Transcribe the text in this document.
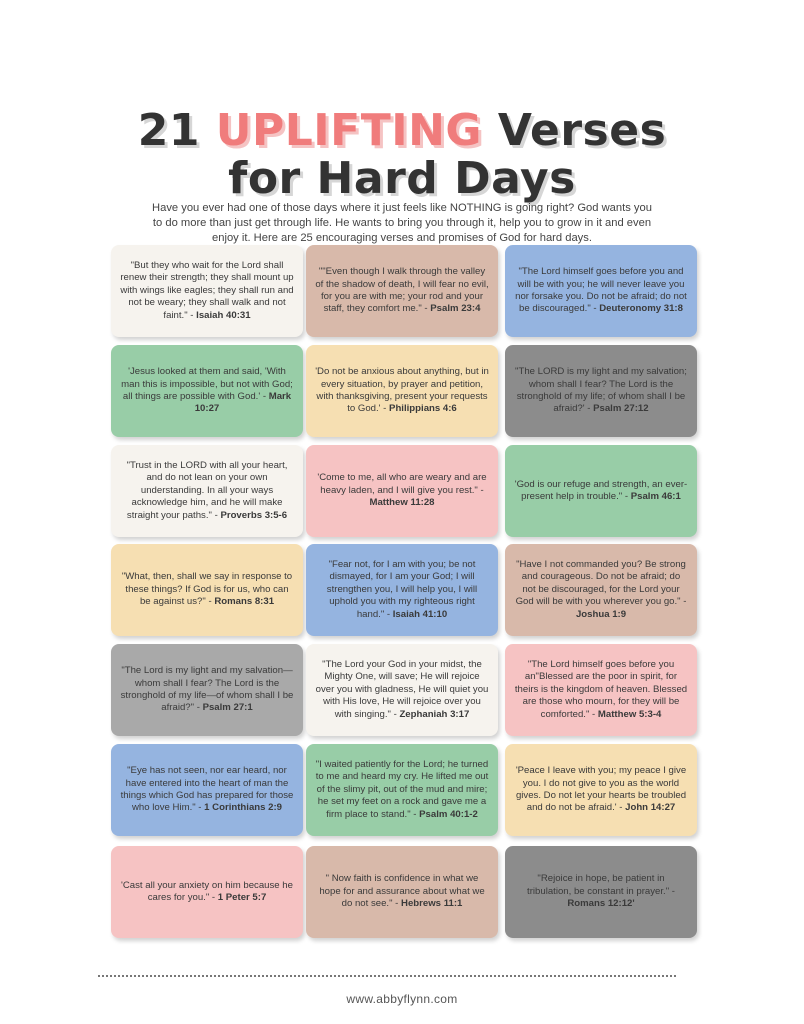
21 UPLIFTING Verses
for Hard Days

Have you ever had one of those days where it just feels like NOTHING is going right? God wants you to do more than just get through life. He wants to bring you through it, help you to grow in it and even enjoy it. Here are 25 encouraging verses and promises of God for hard days.

"But they who wait for the Lord shall renew their strength; they shall mount up with wings like eagles; they shall run and not be weary; they shall walk and not faint." - Isaiah 40:31
""Even though I walk through the valley of the shadow of death, I will fear no evil, for you are with me; your rod and your staff, they comfort me." - Psalm 23:4
"The Lord himself goes before you and will be with you; he will never leave you nor forsake you. Do not be afraid; do not be discouraged." - Deuteronomy 31:8
'Jesus looked at them and said, 'With man this is impossible, but not with God; all things are possible with God.' - Mark 10:27
'Do not be anxious about anything, but in every situation, by prayer and petition, with thanksgiving, present your requests to God.' - Philippians 4:6
"The LORD is my light and my salvation; whom shall I fear? The Lord is the stronghold of my life; of whom shall I be afraid?' - Psalm 27:12
"Trust in the LORD with all your heart, and do not lean on your own understanding. In all your ways acknowledge him, and he will make straight your paths." - Proverbs 3:5-6
'Come to me, all who are weary and are heavy laden, and I will give you rest." - Matthew 11:28
'God is our refuge and strength, an ever-present help in trouble." - Psalm 46:1
"What, then, shall we say in response to these things? If God is for us, who can be against us?" - Romans 8:31
"Fear not, for I am with you; be not dismayed, for I am your God; I will strengthen you, I will help you, I will uphold you with my righteous right hand." - Isaiah 41:10
"Have I not commanded you? Be strong and courageous. Do not be afraid; do not be discouraged, for the Lord your God will be with you wherever you go." - Joshua 1:9
"The Lord is my light and my salvation—whom shall I fear? The Lord is the stronghold of my life—of whom shall I be afraid?" - Psalm 27:1
"The Lord your God in your midst, the Mighty One, will save; He will rejoice over you with gladness, He will quiet you with His love, He will rejoice over you with singing." - Zephaniah 3:17
"The Lord himself goes before you an"Blessed are the poor in spirit, for theirs is the kingdom of heaven. Blessed are those who mourn, for they will be comforted." - Matthew 5:3-4
"Eye has not seen, nor ear heard, nor have entered into the heart of man the things which God has prepared for those who love Him." - 1 Corinthians 2:9
"I waited patiently for the Lord; he turned to me and heard my cry. He lifted me out of the slimy pit, out of the mud and mire; he set my feet on a rock and gave me a firm place to stand." - Psalm 40:1-2
'Peace I leave with you; my peace I give you. I do not give to you as the world gives. Do not let your hearts be troubled and do not be afraid.' - John 14:27
'Cast all your anxiety on him because he cares for you." - 1 Peter 5:7
" Now faith is confidence in what we hope for and assurance about what we do not see." - Hebrews 11:1
"Rejoice in hope, be patient in tribulation, be constant in prayer." - Romans 12:12'
www.abbyflynn.com
